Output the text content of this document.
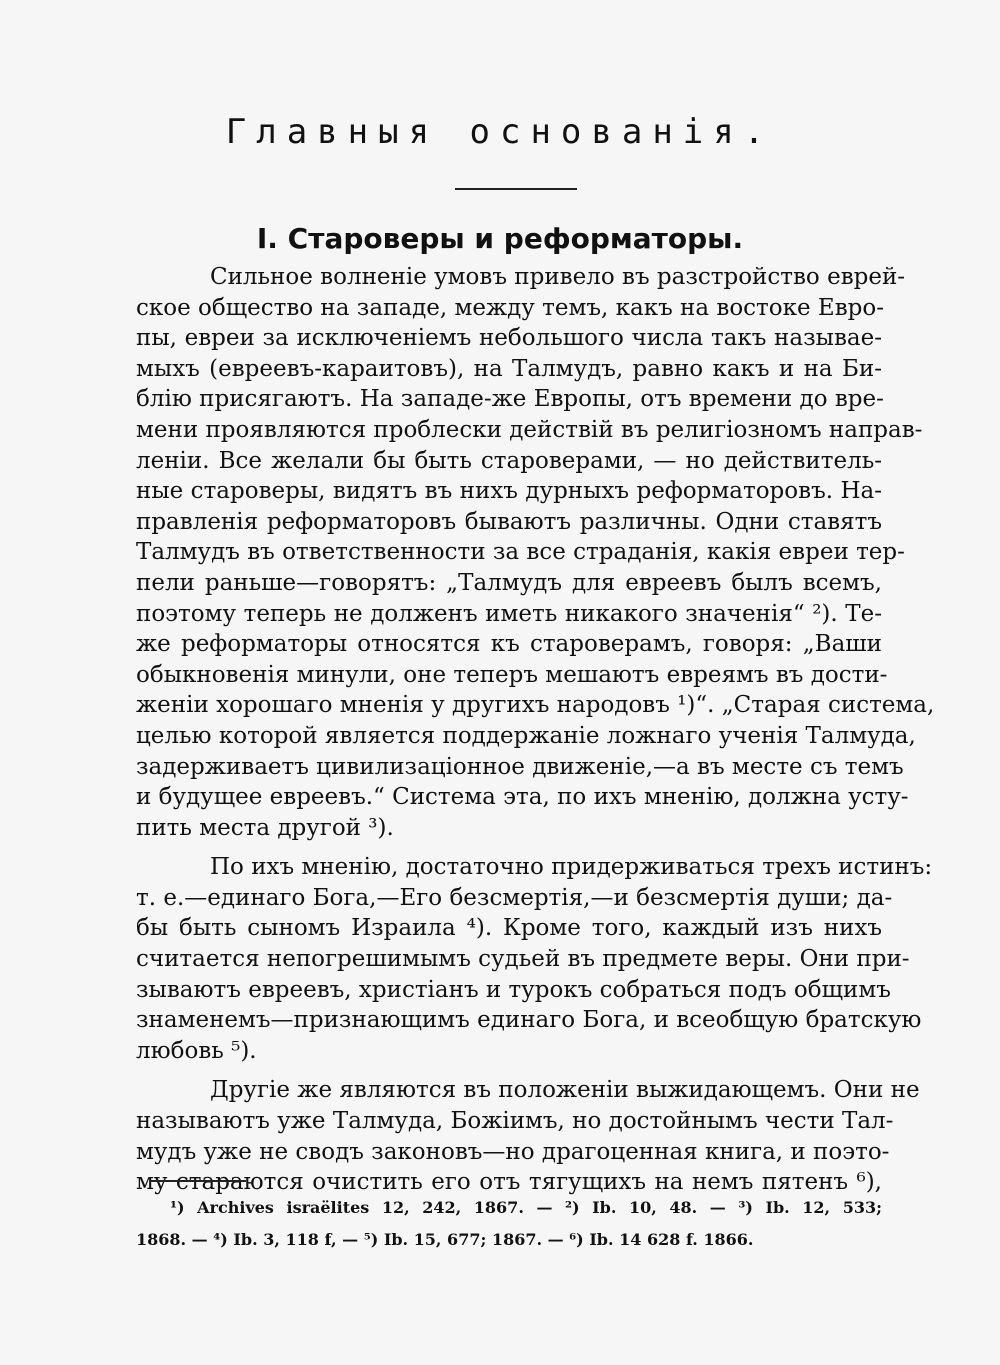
Главныя основанія.
I. Староверы и реформаторы.
Сильное волненіе умовъ привело въ разстройство еврей-
ское общество на западе, между темъ, какъ на востоке Евро-
пы, евреи за исключеніемъ небольшого числа такъ называе-
мыхъ (евреевъ-караитовъ), на Талмудъ, равно какъ и на Би-
блію присягаютъ. На западе-же Европы, отъ времени до вре-
мени проявляются проблески действій въ религіозномъ направ-
леніи. Все желали бы быть староверами, — но действитель-
ные староверы, видятъ въ нихъ дурныхъ реформаторовъ. На-
правленія реформаторовъ бываютъ различны. Одни ставятъ
Талмудъ въ ответственности за все страданія, какія евреи тер-
пели раньше—говорятъ: „Талмудъ для евреевъ былъ всемъ,
поэтому теперь не долженъ иметь никакого значенія“ ²). Те-
же реформаторы относятся къ староверамъ, говоря: „Ваши
обыкновенія минули, оне теперъ мешаютъ евреямъ въ дости-
женіи хорошаго мненія у другихъ народовъ ¹)“. „Старая система,
целью которой является поддержаніе ложнаго ученія Талмуда,
задерживаетъ цивилизаціонное движеніе,—а въ месте съ темъ
и будущее евреевъ.“ Система эта, по ихъ мненію, должна усту-
пить места другой ³).
По ихъ мненію, достаточно придерживаться трехъ истинъ:
т. е.—единаго Бога,—Его безсмертія,—и безсмертія души; да-
бы быть сыномъ Израила ⁴). Кроме того, каждый изъ нихъ
считается непогрешимымъ судьей въ предмете веры. Они при-
зываютъ евреевъ, христіанъ и турокъ собраться подъ общимъ
знаменемъ—признающимъ единаго Бога, и всеобщую братскую
любовь ⁵).
Другіе же являются въ положеніи выжидающемъ. Они не
называютъ уже Талмуда, Божіимъ, но достойнымъ чести Тал-
мудъ уже не сводъ законовъ—но драгоценная книга, и поэто-
му стараются очистить его отъ тягущихъ на немъ пятенъ ⁶),
¹) Archives israëlites 12, 242, 1867. — ²) Ib. 10, 48. — ³) Ib. 12, 533;
1868. — ⁴) Ib. 3, 118 f, — ⁵) Ib. 15, 677; 1867. — ⁶) Ib. 14 628 f. 1866.
